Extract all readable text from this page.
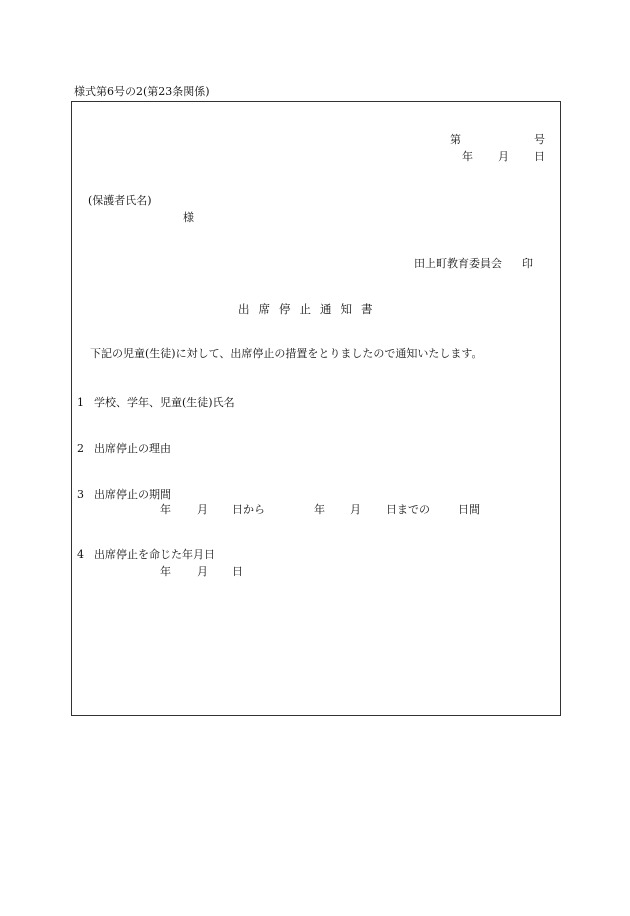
様式第6号の2(第23条関係)
第	号
年 月 日
(保護者氏名)
様
田上町教育委員会 印
出席停止通知書
下記の児童(生徒)に対して、出席停止の措置をとりましたので通知いたします。
1 学校、学年、児童(生徒)氏名
2 出席停止の理由
3 出席停止の期間
年 月 日から	年 月 日までの	日間
4 出席停止を命じた年月日
年 月 日
